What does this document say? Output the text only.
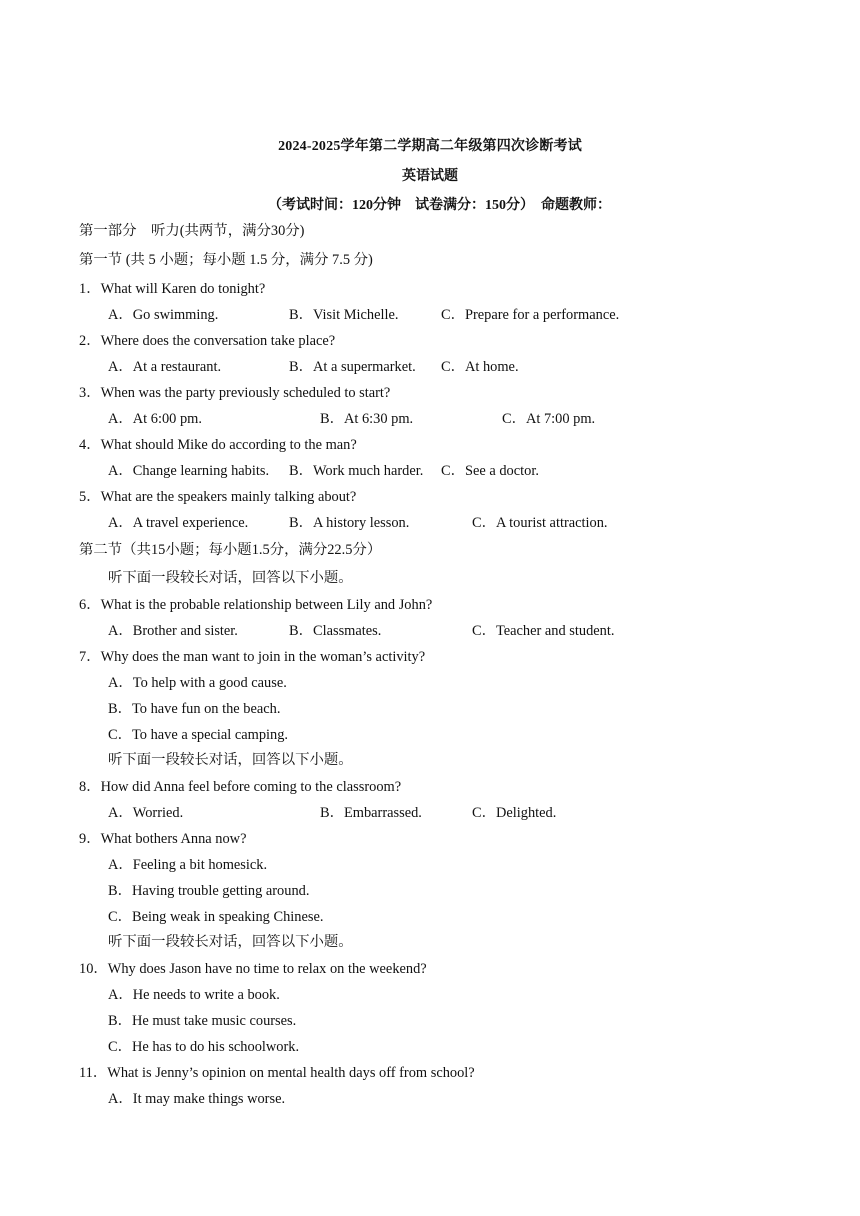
2024-2025学年第二学期高二年级第四次诊断考试
英语试题
（考试时间：120分钟　试卷满分：150分）　命题教师：
第一部分　听力(共两节，满分30分)
第一节 (共 5 小题；每小题 1.5 分，满分 7.5 分)
1．What will Karen do tonight?
A．Go swimming.	B．Visit Michelle.	C．Prepare for a performance.
2．Where does the conversation take place?
A．At a restaurant.	B．At a supermarket. C．At home.
3．When was the party previously scheduled to start?
A．At 6:00 pm.	B．At 6:30 pm.	C．At 7:00 pm.
4．What should Mike do according to the man?
A．Change learning habits. B．Work much harder. C．See a doctor.
5．What are the speakers mainly talking about?
A．A travel experience.	B．A history lesson.	C．A tourist attraction.
第二节（共15小题；每小题1.5分，满分22.5分）
听下面一段较长对话，回答以下小题。
6．What is the probable relationship between Lily and John?
A．Brother and sister.	B．Classmates.	C．Teacher and student.
7．Why does the man want to join in the woman’s activity?
A．To help with a good cause.
B．To have fun on the beach.
C．To have a special camping.
听下面一段较长对话，回答以下小题。
8．How did Anna feel before coming to the classroom?
A．Worried.	B．Embarrassed.	C．Delighted.
9．What bothers Anna now?
A．Feeling a bit homesick.
B．Having trouble getting around.
C．Being weak in speaking Chinese.
听下面一段较长对话，回答以下小题。
10．Why does Jason have no time to relax on the weekend?
A．He needs to write a book.
B．He must take music courses.
C．He has to do his schoolwork.
11．What is Jenny’s opinion on mental health days off from school?
A．It may make things worse.
